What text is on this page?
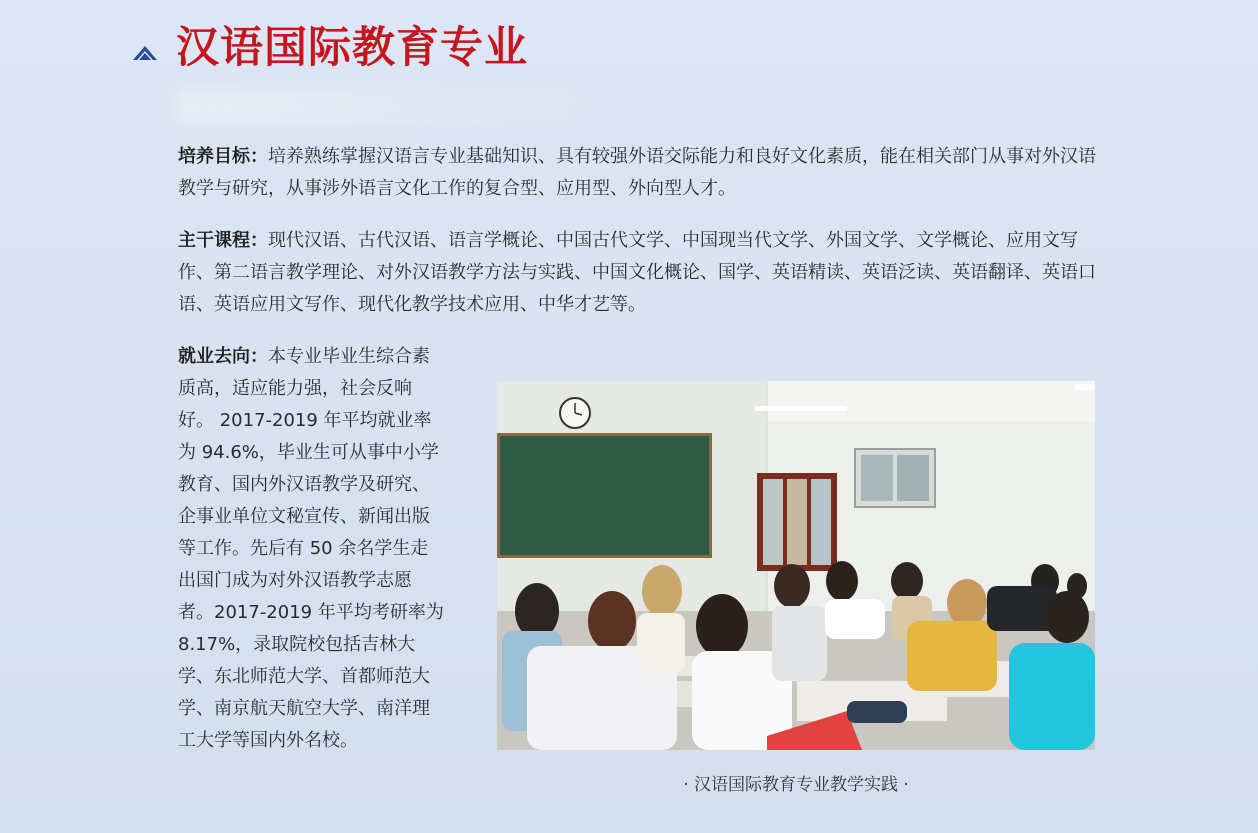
汉语国际教育专业

培养目标：培养熟练掌握汉语言专业基础知识、具有较强外语交际能力和良好文化素质，能在相关部门从事对外汉语教学与研究，从事涉外语言文化工作的复合型、应用型、外向型人才。

主干课程：现代汉语、古代汉语、语言学概论、中国古代文学、中国现当代文学、外国文学、文学概论、应用文写作、第二语言教学理论、对外汉语教学方法与实践、中国文化概论、国学、英语精读、英语泛读、英语翻译、英语口语、英语应用文写作、现代化教学技术应用、中华才艺等。

就业去向：本专业毕业生综合素质高，适应能力强，社会反响好。 2017-2019 年平均就业率为 94.6%，毕业生可从事中小学教育、国内外汉语教学及研究、企事业单位文秘宣传、新闻出版等工作。先后有 50 余名学生走出国门成为对外汉语教学志愿者。2017-2019 年平均考研率为 8.17%，录取院校包括吉林大学、东北师范大学、首都师范大学、南京航天航空大学、南洋理工大学等国内外名校。

· 汉语国际教育专业教学实践 ·
